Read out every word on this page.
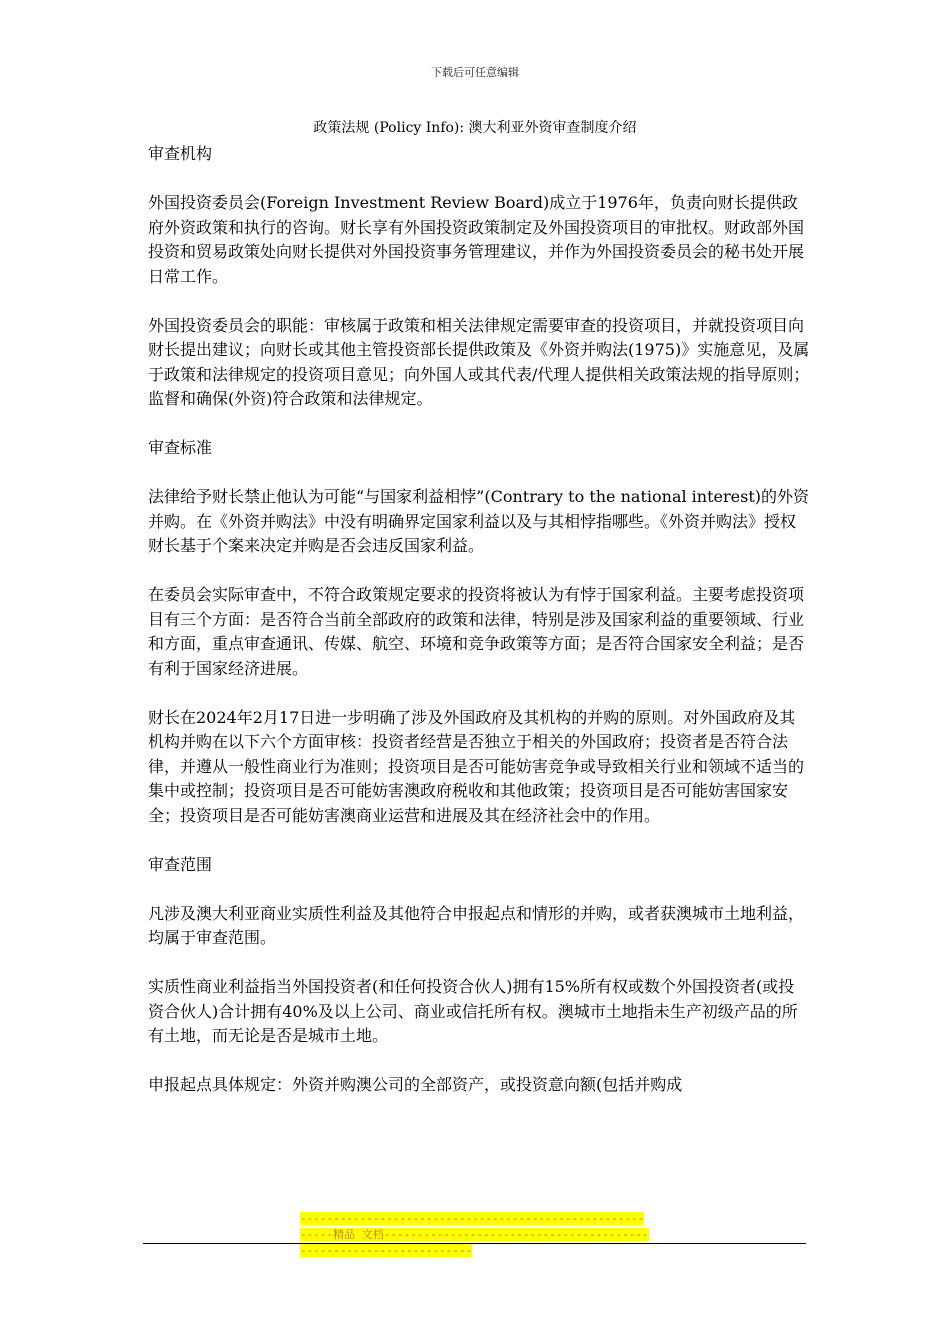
下载后可任意编辑
政策法规 (Policy Info): 澳大利亚外资审查制度介绍

审查机构

外国投资委员会(Foreign Investment Review Board)成立于1976年，负责向财长提供政府外资政策和执行的咨询。财长享有外国投资政策制定及外国投资项目的审批权。财政部外国投资和贸易政策处向财长提供对外国投资事务管理建议，并作为外国投资委员会的秘书处开展日常工作。

外国投资委员会的职能：审核属于政策和相关法律规定需要审查的投资项目，并就投资项目向财长提出建议；向财长或其他主管投资部长提供政策及《外资并购法(1975)》实施意见，及属于政策和法律规定的投资项目意见；向外国人或其代表/代理人提供相关政策法规的指导原则；监督和确保(外资)符合政策和法律规定。

审查标准

法律给予财长禁止他认为可能“与国家利益相悖”(Contrary to the national interest)的外资并购。在《外资并购法》中没有明确界定国家利益以及与其相悖指哪些。《外资并购法》授权财长基于个案来决定并购是否会违反国家利益。

在委员会实际审查中，不符合政策规定要求的投资将被认为有悖于国家利益。主要考虑投资项目有三个方面：是否符合当前全部政府的政策和法律，特别是涉及国家利益的重要领域、行业和方面，重点审查通讯、传媒、航空、环境和竞争政策等方面；是否符合国家安全利益；是否有利于国家经济进展。

财长在2024年2月17日进一步明确了涉及外国政府及其机构的并购的原则。对外国政府及其机构并购在以下六个方面审核：投资者经营是否独立于相关的外国政府；投资者是否符合法律，并遵从一般性商业行为准则；投资项目是否可能妨害竞争或导致相关行业和领域不适当的集中或控制；投资项目是否可能妨害澳政府税收和其他政策；投资项目是否可能妨害国家安全；投资项目是否可能妨害澳商业运营和进展及其在经济社会中的作用。

审查范围

凡涉及澳大利亚商业实质性利益及其他符合申报起点和情形的并购，或者获澳城市土地利益，均属于审查范围。

实质性商业利益指当外国投资者(和任何投资合伙人)拥有15%所有权或数个外国投资者(或投资合伙人)合计拥有40%及以上公司、商业或信托所有权。澳城市土地指未生产初级产品的所有土地，而无论是否是城市土地。

申报起点具体规定：外资并购澳公司的全部资产，或投资意向额(包括并购成

---------------------------------------------------------精品 文档------------------------------------------------------------------
